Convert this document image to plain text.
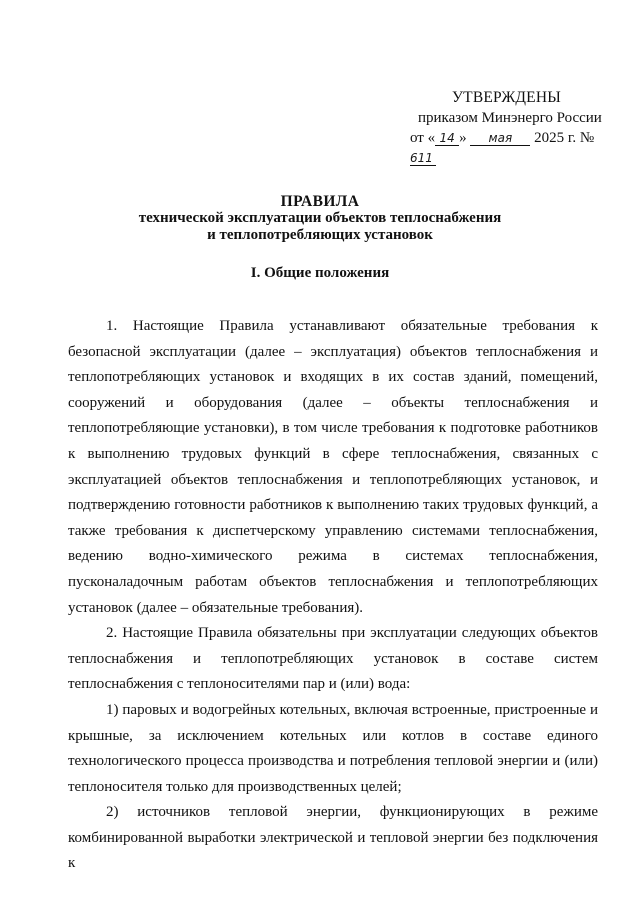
УТВЕРЖДЕНЫ
приказом Минэнерго России
от « 14 » мая 2025 г. №611
ПРАВИЛА
технической эксплуатации объектов теплоснабжения
и теплопотребляющих установок
I. Общие положения

1. Настоящие Правила устанавливают обязательные требования к безопасной эксплуатации (далее – эксплуатация) объектов теплоснабжения и теплопотребляющих установок и входящих в их состав зданий, помещений, сооружений и оборудования (далее – объекты теплоснабжения и теплопотребляющие установки), в том числе требования к подготовке работников к выполнению трудовых функций в сфере теплоснабжения, связанных с эксплуатацией объектов теплоснабжения и теплопотребляющих установок, и подтверждению готовности работников к выполнению таких трудовых функций, а также требования к диспетчерскому управлению системами теплоснабжения, ведению водно-химического режима в системах теплоснабжения, пусконаладочным работам объектов теплоснабжения и теплопотребляющих установок (далее – обязательные требования).

2. Настоящие Правила обязательны при эксплуатации следующих объектов теплоснабжения и теплопотребляющих установок в составе систем теплоснабжения с теплоносителями пар и (или) вода:

1) паровых и водогрейных котельных, включая встроенные, пристроенные и крышные, за исключением котельных или котлов в составе единого технологического процесса производства и потребления тепловой энергии и (или) теплоносителя только для производственных целей;

2) источников тепловой энергии, функционирующих в режиме комбинированной выработки электрической и тепловой энергии без подключения к
